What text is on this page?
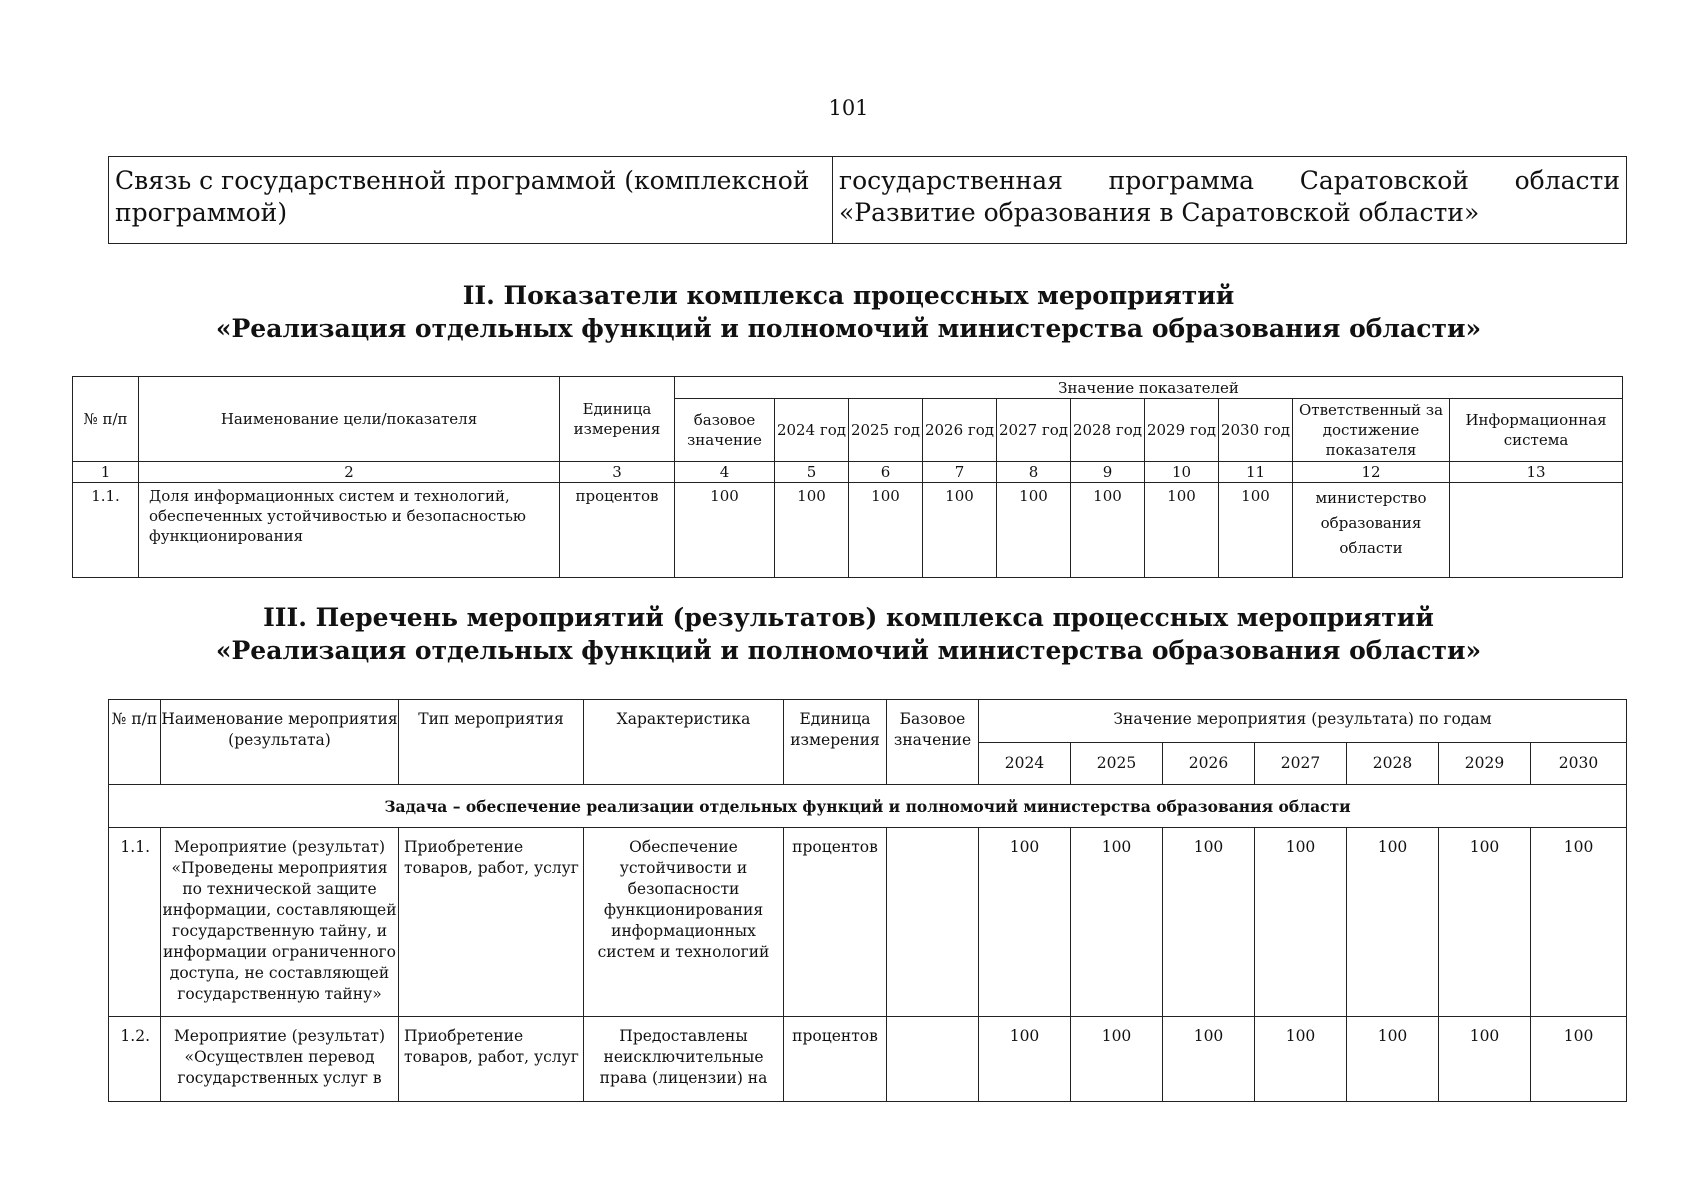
101
Связь с государственной программой (комплексной программой)	государственная программа Саратовской области «Развитие образования в Саратовской области»
II. Показатели комплекса процессных мероприятий
«Реализация отдельных функций и полномочий министерства образования области»
№ п/п	Наименование цели/показателя	Единица измерения	Значение показателей									
			базовое значение	2024 год	2025 год	2026 год	2027 год	2028 год	2029 год	2030 год	Ответственный за достижение показателя	Информационная система
1	2	3	4	5	6	7	8	9	10	11	12	13
1.1.	Доля информационных систем и технологий, обеспеченных устойчивостью и безопасностью функционирования	процентов	100	100	100	100	100	100	100	100	министерство образования области	
III. Перечень мероприятий (результатов) комплекса процессных мероприятий
«Реализация отдельных функций и полномочий министерства образования области»
№ п/п	Наименование мероприятия (результата)	Тип мероприятия	Характеристика	Единица измерения	Базовое значение	Значение мероприятия (результата) по годам						
						2024	2025	2026	2027	2028	2029	2030
Задача – обеспечение реализации отдельных функций и полномочий министерства образования области												
1.1.	Мероприятие (результат) «Проведены мероприятия по технической защите информации, составляющей государственную тайну, и информации ограниченного доступа, не составляющей государственную тайну»	Приобретение товаров, работ, услуг	Обеспечение устойчивости и безопасности функционирования информационных систем и технологий	процентов		100	100	100	100	100	100	100
1.2.	Мероприятие (результат) «Осуществлен перевод государственных услуг в	Приобретение товаров, работ, услуг	Предоставлены неисключительные права (лицензии) на	процентов		100	100	100	100	100	100	100
